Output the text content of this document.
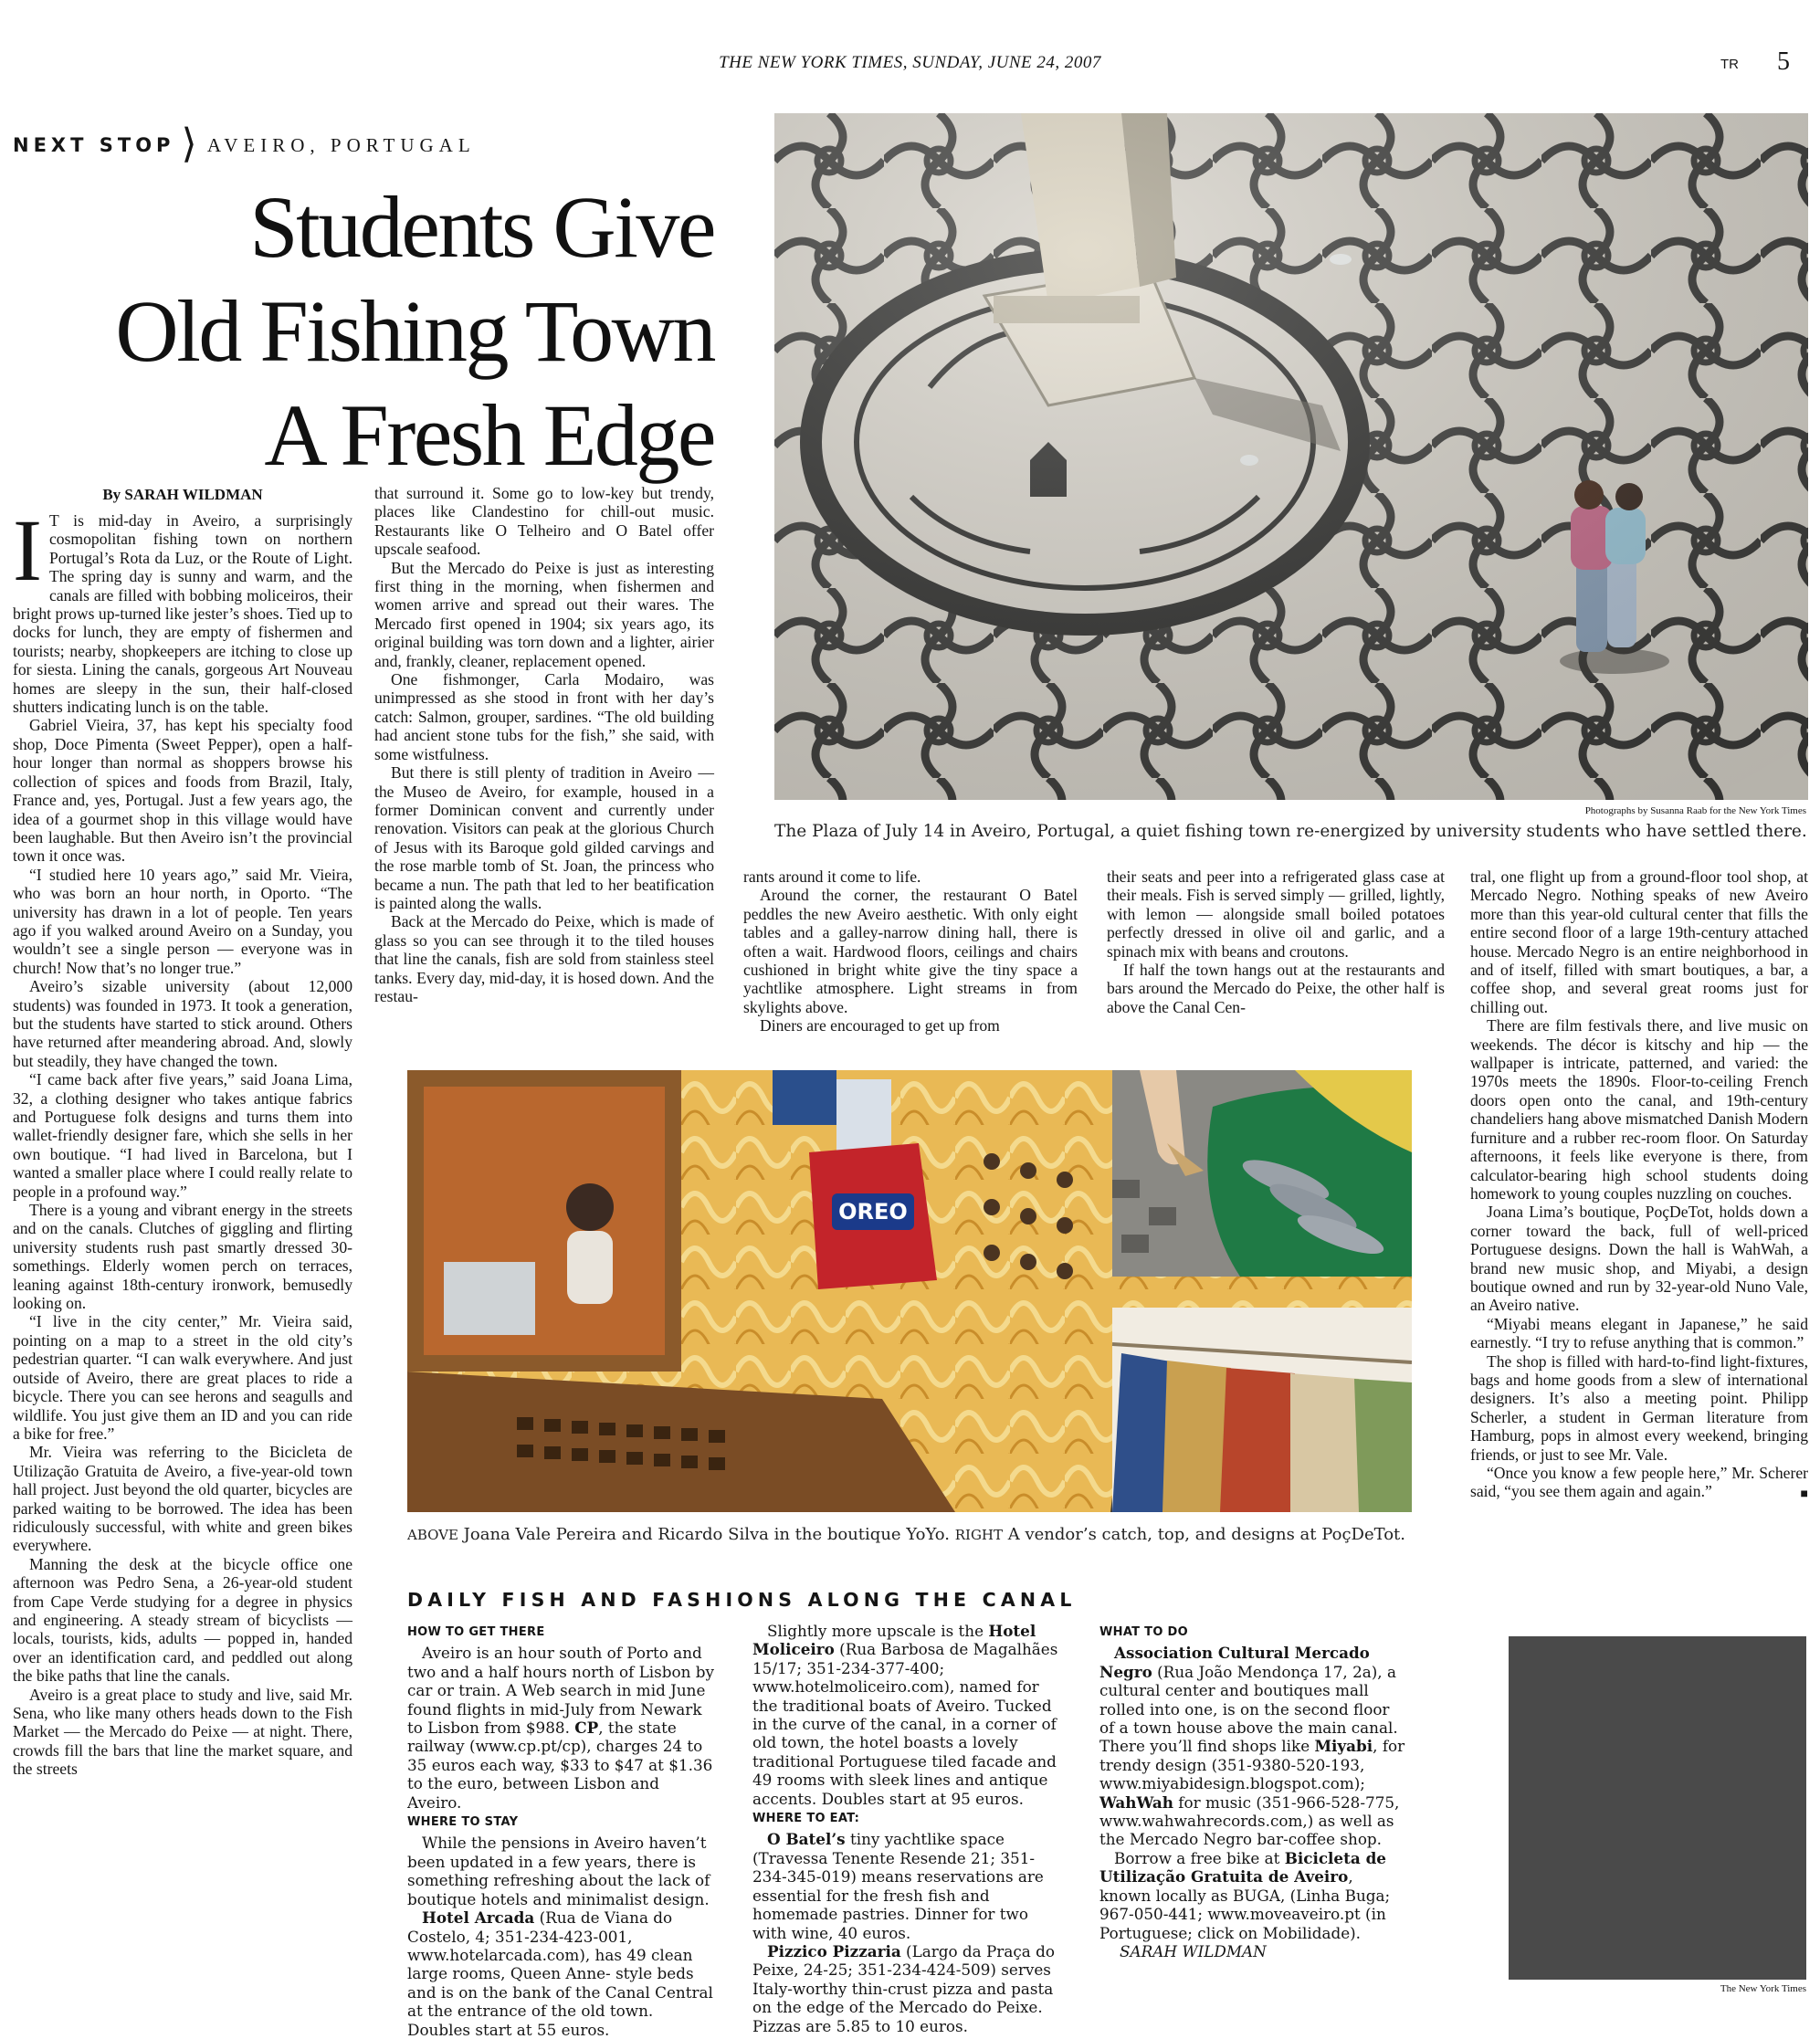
THE NEW YORK TIMES, SUNDAY, JUNE 24, 2007	TR 5
NEXT STOP ⟩ AVEIRO, PORTUGAL
Students Give
Old Fishing Town
A Fresh Edge
By SARAH WILDMAN

I T is mid-day in Aveiro, a surprisingly cosmopolitan fishing town on northern Portugal’s Rota da Luz, or the Route of Light. The spring day is sunny and warm, and the canals are filled with bobbing moliceiros, their bright prows up-turned like jester’s shoes. Tied up to docks for lunch, they are empty of fishermen and tourists; nearby, shopkeepers are itching to close up for siesta. Lining the canals, gorgeous Art Nouveau homes are sleepy in the sun, their half-closed shutters indicating lunch is on the table.

Gabriel Vieira, 37, has kept his specialty food shop, Doce Pimenta (Sweet Pepper), open a half-hour longer than normal as shoppers browse his collection of spices and foods from Brazil, Italy, France and, yes, Portugal. Just a few years ago, the idea of a gourmet shop in this village would have been laughable. But then Aveiro isn’t the provincial town it once was.

“I studied here 10 years ago,” said Mr. Vieira, who was born an hour north, in Oporto. “The university has drawn in a lot of people. Ten years ago if you walked around Aveiro on a Sunday, you wouldn’t see a single person — everyone was in church! Now that’s no longer true.”

Aveiro’s sizable university (about 12,000 students) was founded in 1973. It took a generation, but the students have started to stick around. Others have returned after meandering abroad. And, slowly but steadily, they have changed the town.

“I came back after five years,” said Joana Lima, 32, a clothing designer who takes antique fabrics and Portuguese folk designs and turns them into wallet-friendly designer fare, which she sells in her own boutique. “I had lived in Barcelona, but I wanted a smaller place where I could really relate to people in a profound way.”

There is a young and vibrant energy in the streets and on the canals. Clutches of giggling and flirting university students rush past smartly dressed 30-somethings. Elderly women perch on terraces, leaning against 18th-century ironwork, bemusedly looking on.

“I live in the city center,” Mr. Vieira said, pointing on a map to a street in the old city’s pedestrian quarter. “I can walk everywhere. And just outside of Aveiro, there are great places to ride a bicycle. There you can see herons and seagulls and wildlife. You just give them an ID and you can ride a bike for free.”

Mr. Vieira was referring to the Bicicleta de Utilização Gratuita de Aveiro, a five-year-old town hall project. Just beyond the old quarter, bicycles are parked waiting to be borrowed. The idea has been ridiculously successful, with white and green bikes everywhere.

Manning the desk at the bicycle office one afternoon was Pedro Sena, a 26-year-old student from Cape Verde studying for a degree in physics and engineering. A steady stream of bicyclists — locals, tourists, kids, adults — popped in, handed over an identification card, and peddled out along the bike paths that line the canals.

Aveiro is a great place to study and live, said Mr. Sena, who like many others heads down to the Fish Market — the Mercado do Peixe — at night. There, crowds fill the bars that line the market square, and the streets

that surround it. Some go to low-key but trendy, places like Clandestino for chill-out music. Restaurants like O Telheiro and O Batel offer upscale seafood.

But the Mercado do Peixe is just as interesting first thing in the morning, when fishermen and women arrive and spread out their wares. The Mercado first opened in 1904; six years ago, its original building was torn down and a lighter, airier and, frankly, cleaner, replacement opened.

One fishmonger, Carla Modairo, was unimpressed as she stood in front with her day’s catch: Salmon, grouper, sardines. “The old building had ancient stone tubs for the fish,” she said, with some wistfulness.

But there is still plenty of tradition in Aveiro — the Museo de Aveiro, for example, housed in a former Dominican convent and currently under renovation. Visitors can peak at the glorious Church of Jesus with its Baroque gold gilded carvings and the rose marble tomb of St. Joan, the princess who became a nun. The path that led to her beatification is painted along the walls.

Back at the Mercado do Peixe, which is made of glass so you can see through it to the tiled houses that line the canals, fish are sold from stainless steel tanks. Every day, mid-day, it is hosed down. And the restau-

Photographs by Susanna Raab for the New York Times
The Plaza of July 14 in Aveiro, Portugal, a quiet fishing town re-energized by university students who have settled there.

rants around it come to life.

Around the corner, the restaurant O Batel peddles the new Aveiro aesthetic. With only eight tables and a galley-narrow dining hall, there is often a wait. Hardwood floors, ceilings and chairs cushioned in bright white give the tiny space a yachtlike atmosphere. Light streams in from skylights above.

Diners are encouraged to get up from

their seats and peer into a refrigerated glass case at their meals. Fish is served simply — grilled, lightly, with lemon — alongside small boiled potatoes perfectly dressed in olive oil and garlic, and a spinach mix with beans and croutons.

If half the town hangs out at the restaurants and bars around the Mercado do Peixe, the other half is above the Canal Cen-

tral, one flight up from a ground-floor tool shop, at Mercado Negro. Nothing speaks of new Aveiro more than this year-old cultural center that fills the entire second floor of a large 19th-century attached house. Mercado Negro is an entire neighborhood in and of itself, filled with smart boutiques, a bar, a coffee shop, and several great rooms just for chilling out.

There are film festivals there, and live music on weekends. The décor is kitschy and hip — the wallpaper is intricate, patterned, and varied: the 1970s meets the 1890s. Floor-to-ceiling French doors open onto the canal, and 19th-century chandeliers hang above mismatched Danish Modern furniture and a rubber rec-room floor. On Saturday afternoons, it feels like everyone is there, from calculator-bearing high school students doing homework to young couples nuzzling on couches.

Joana Lima’s boutique, PoçDeTot, holds down a corner toward the back, full of well-priced Portuguese designs. Down the hall is WahWah, a brand new music shop, and Miyabi, a design boutique owned and run by 32-year-old Nuno Vale, an Aveiro native.

“Miyabi means elegant in Japanese,” he said earnestly. “I try to refuse anything that is common.”

The shop is filled with hard-to-find light-fixtures, bags and home goods from a slew of international designers. It’s also a meeting point. Philipp Scherler, a student in German literature from Hamburg, pops in almost every weekend, bringing friends, or just to see Mr. Vale.

“Once you know a few people here,” Mr. Scherer said, “you see them again and again.”	■

OREO
ABOVE Joana Vale Pereira and Ricardo Silva in the boutique YoYo. RIGHT A vendor’s catch, top, and designs at PoçDeTot.
DAILY FISH AND FASHIONS ALONG THE CANAL
HOW TO GET THERE

Aveiro is an hour south of Porto and two and a half hours north of Lisbon by car or train. A Web search in mid June found flights in mid-July from Newark to Lisbon from $988. CP, the state railway (www.cp.pt/cp), charges 24 to 35 euros each way, $33 to $47 at $1.36 to the euro, between Lisbon and Aveiro.

WHERE TO STAY

While the pensions in Aveiro haven’t been updated in a few years, there is something refreshing about the lack of boutique hotels and minimalist design.

Hotel Arcada (Rua de Viana do Costelo, 4; 351-234-423-001, www.hotelarcada.com), has 49 clean large rooms, Queen Anne- style beds and is on the bank of the Canal Central at the entrance of the old town. Doubles start at 55 euros.

Slightly more upscale is the Hotel Moliceiro (Rua Barbosa de Magalhães 15/17; 351-234-377-400; www.hotelmoliceiro.com), named for the traditional boats of Aveiro. Tucked in the curve of the canal, in a corner of old town, the hotel boasts a lovely traditional Portuguese tiled facade and 49 rooms with sleek lines and antique accents. Doubles start at 95 euros.

WHERE TO EAT:

O Batel’s tiny yachtlike space (Travessa Tenente Resende 21; 351-234-345-019) means reservations are essential for the fresh fish and homemade pastries. Dinner for two with wine, 40 euros.

Pizzico Pizzaria (Largo da Praça do Peixe, 24-25; 351-234-424-509) serves Italy-worthy thin-crust pizza and pasta on the edge of the Mercado do Peixe. Pizzas are 5.85 to 10 euros.

WHAT TO DO

Association Cultural Mercado Negro (Rua João Mendonça 17, 2a), a cultural center and boutiques mall rolled into one, is on the second floor of a town house above the main canal. There you’ll find shops like Miyabi, for trendy design (351-9380-520-193, www.miyabidesign.blogspot.com); WahWah for music (351-966-528-775, www.wahwahrecords.com,) as well as the Mercado Negro bar-coffee shop.

Borrow a free bike at Bicicleta de Utilização Gratuita de Aveiro, known locally as BUGA, (Linha Buga; 967-050-441; www.moveaveiro.pt (in Portuguese; click on Mobilidade). SARAH WILDMAN

The New York Times
